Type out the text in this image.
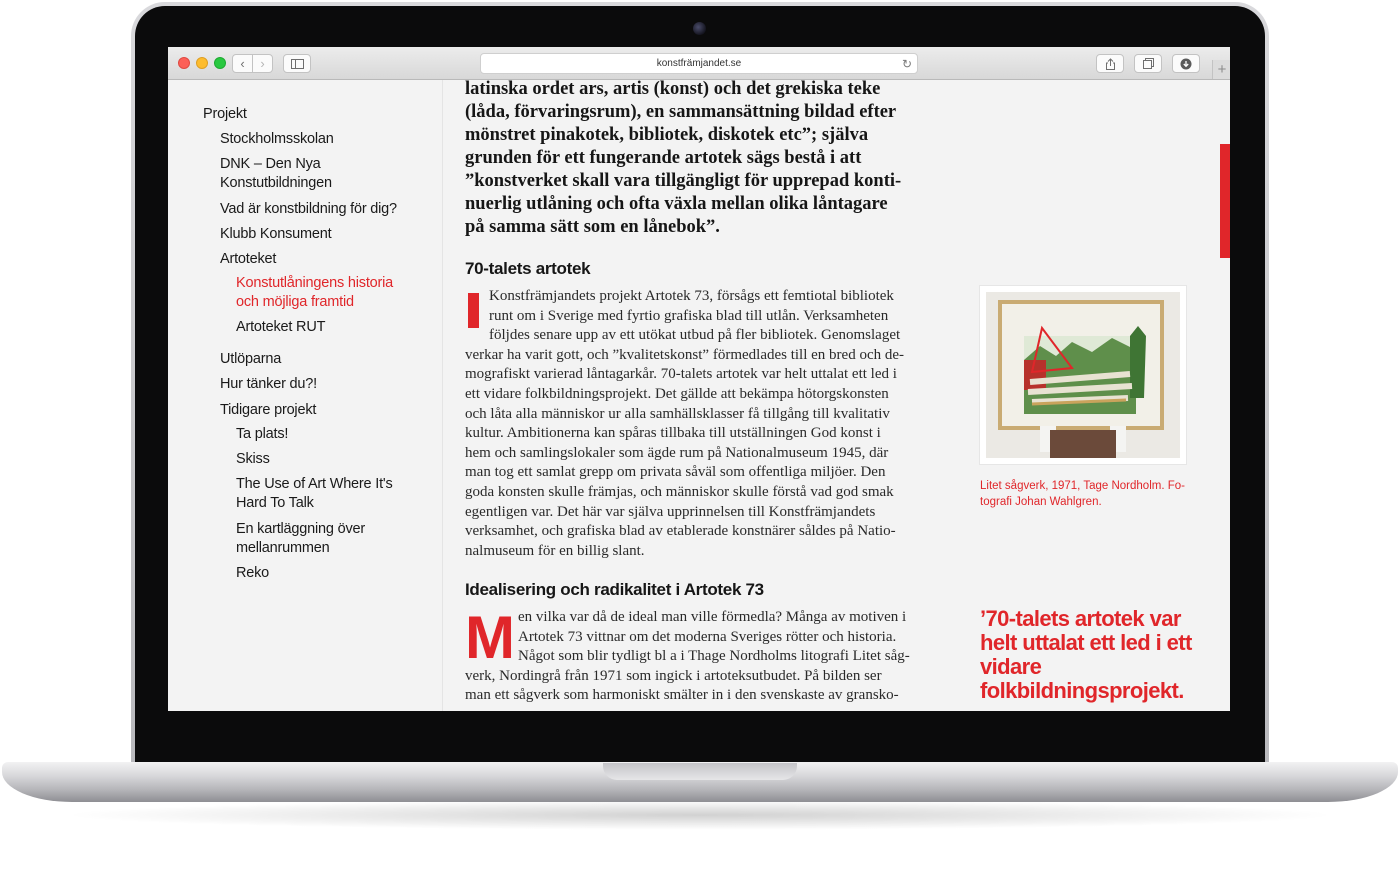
‹ ›	konstfrämjandet.se	↻	+
Projekt
Stockholmsskolan
DNK – Den Nya
Konstutbildningen
Vad är konstbildning för dig?
Klubb Konsument
Artoteket
Konstutlåningens historia
och möjliga framtid
Artoteket RUT
Utlöparna
Hur tänker du?!
Tidigare projekt
Ta plats!
Skiss
The Use of Art Where It's
Hard To Talk
En kartläggning över
mellanrummen
Reko

latinska ordet ars, artis (konst) och det grekiska teke
(låda, förvaringsrum), en sammansättning bildad efter
mönstret pinakotek, bibliotek, diskotek etc”; själva
grunden för ett fungerande artotek sägs bestå i att
”konstverket skall vara tillgängligt för upprepad konti-
nuerlig utlåning och ofta växla mellan olika låntagare
på samma sätt som en lånebok”.

70-talets artotek
Konstfrämjandets projekt Artotek 73, försågs ett femtiotal bibliotek
runt om i Sverige med fyrtio grafiska blad till utlån. Verksamheten
följdes senare upp av ett utökat utbud på fler bibliotek. Genomslaget
verkar ha varit gott, och ”kvalitetskonst” förmedlades till en bred och de-
mografiskt varierad låntagarkår. 70-talets artotek var helt uttalat ett led i
ett vidare folkbildningsprojekt. Det gällde att bekämpa hötorgskonsten
och låta alla människor ur alla samhällsklasser få tillgång till kvalitativ
kultur. Ambitionerna kan spåras tillbaka till utställningen God konst i
hem och samlingslokaler som ägde rum på Nationalmuseum 1945, där
man tog ett samlat grepp om privata såväl som offentliga miljöer. Den
goda konsten skulle främjas, och människor skulle förstå vad god smak
egentligen var. Det här var själva upprinnelsen till Konstfrämjandets
verksamhet, och grafiska blad av etablerade konstnärer såldes på Natio-
nalmuseum för en billig slant.
Idealisering och radikalitet i Artotek 73
M en vilka var då de ideal man ville förmedla? Många av motiven i
Artotek 73 vittnar om det moderna Sveriges rötter och historia.
Något som blir tydligt bl a i Thage Nordholms litografi Litet såg-
verk, Nordingrå från 1971 som ingick i artoteksutbudet. På bilden ser
man ett sågverk som harmoniskt smälter in i den svenskaste av gransko-
Litet sågverk, 1971, Tage Nordholm. Fo-
tografi Johan Wahlgren.
’70-talets artotek var
helt uttalat ett led i ett
vidare
folkbildningsprojekt.
